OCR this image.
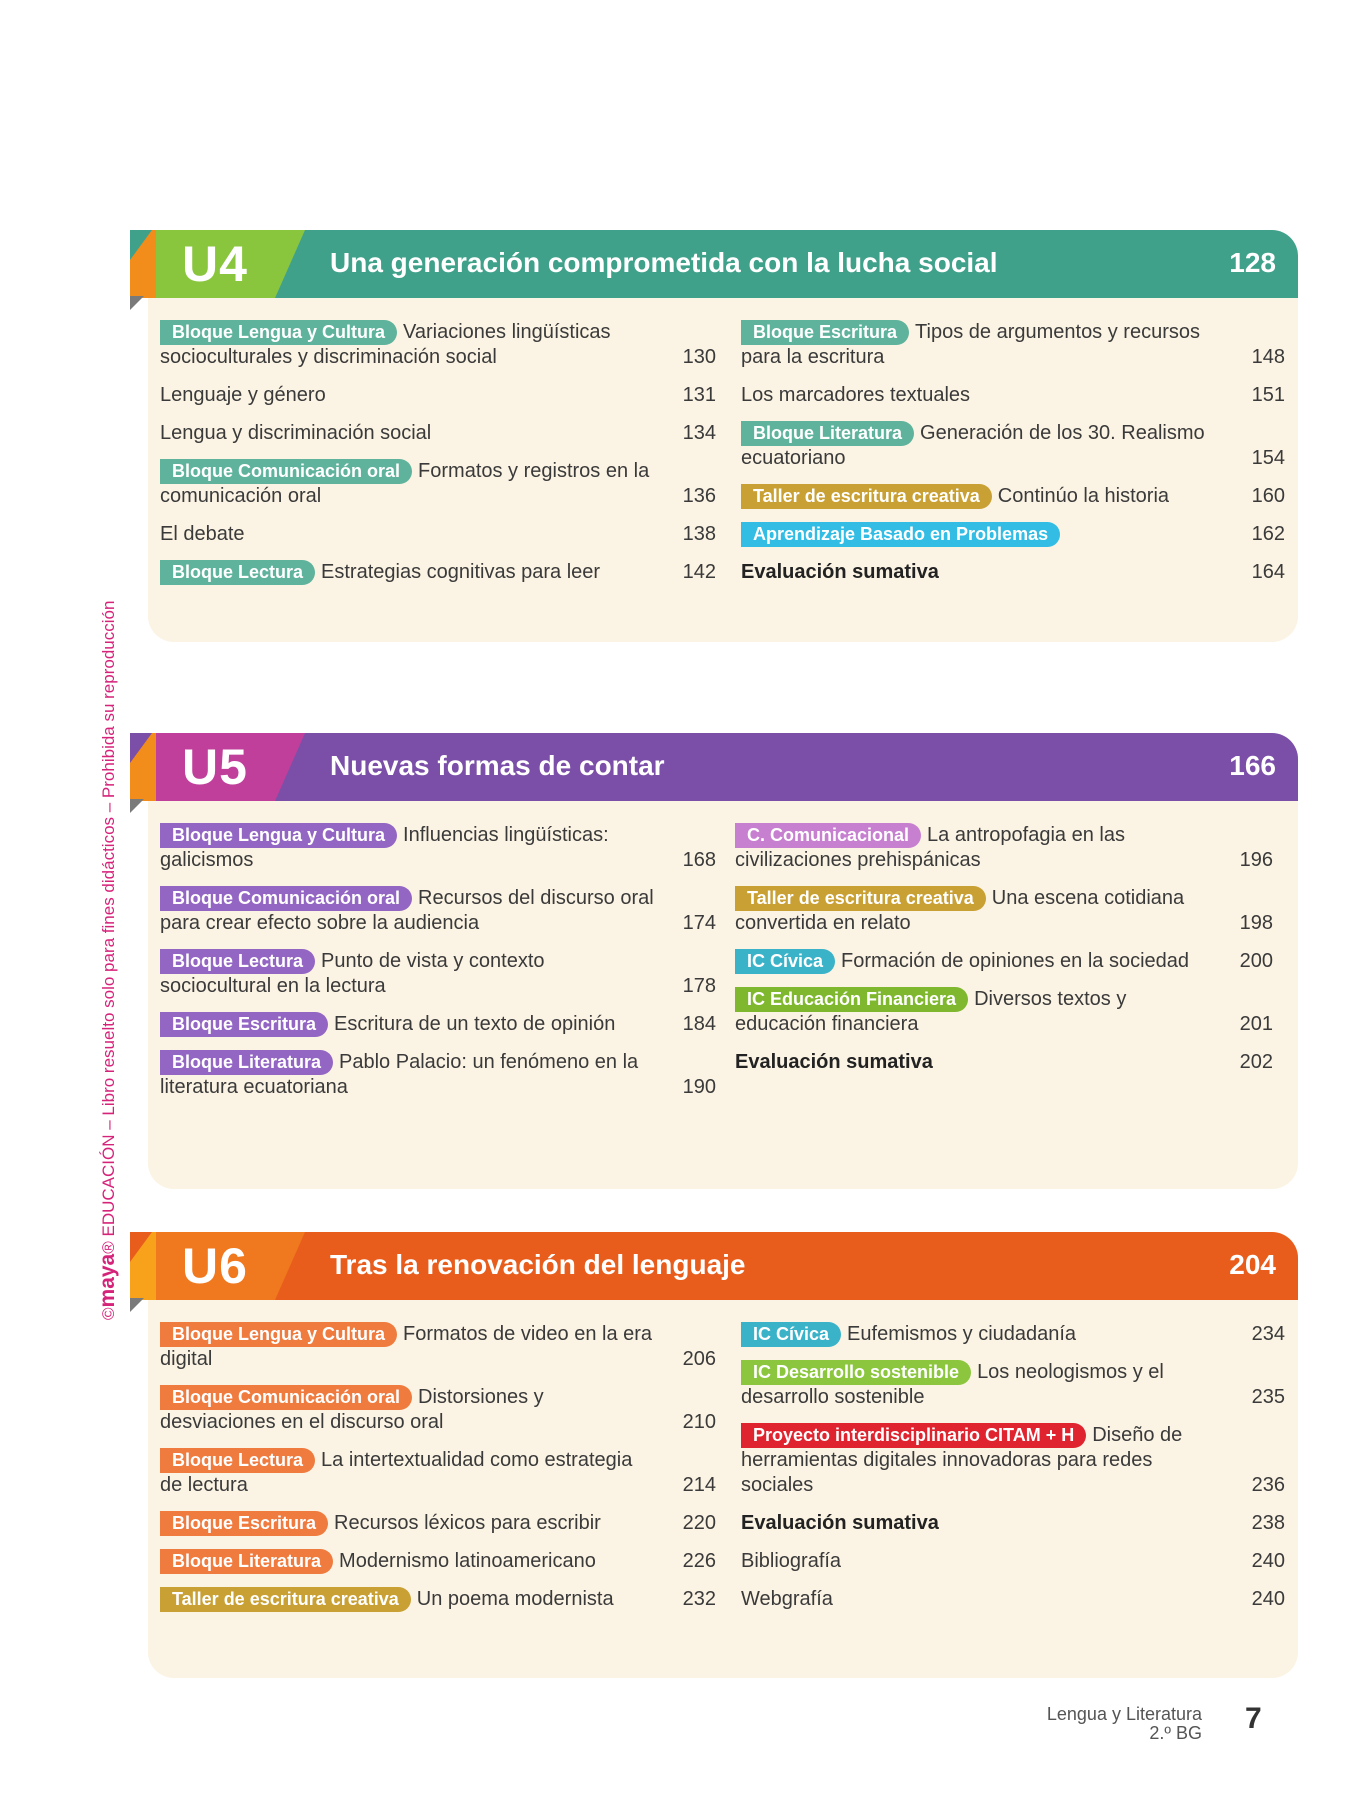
©maya® EDUCACIÓN – Libro resuelto solo para fines didácticos – Prohibida su reproducción
U4	Una generación comprometida con la lucha social	128
Bloque Lengua y Cultura Variaciones lingüísticas socioculturales y discriminación social	130
Lenguaje y género	131
Lengua y discriminación social	134
Bloque Comunicación oral Formatos y registros en la comunicación oral	136
El debate	138
Bloque Lectura Estrategias cognitivas para leer	142
Bloque Escritura Tipos de argumentos y recursos para la escritura	148
Los marcadores textuales	151
Bloque Literatura Generación de los 30. Realismo ecuatoriano	154
Taller de escritura creativa Continúo la historia	160
Aprendizaje Basado en Problemas	162
Evaluación sumativa	164
U5	Nuevas formas de contar	166
Bloque Lengua y Cultura Influencias lingüísticas: galicismos	168
Bloque Comunicación oral Recursos del discurso oral para crear efecto sobre la audiencia	174
Bloque Lectura Punto de vista y contexto sociocultural en la lectura	178
Bloque Escritura Escritura de un texto de opinión	184
Bloque Literatura Pablo Palacio: un fenómeno en la literatura ecuatoriana	190
C. Comunicacional La antropofagia en las civilizaciones prehispánicas	196
Taller de escritura creativa Una escena cotidiana convertida en relato	198
IC Cívica Formación de opiniones en la sociedad	200
IC Educación Financiera Diversos textos y educación financiera	201
Evaluación sumativa	202
U6	Tras la renovación del lenguaje	204
Bloque Lengua y Cultura Formatos de video en la era digital	206
Bloque Comunicación oral Distorsiones y desviaciones en el discurso oral	210
Bloque Lectura La intertextualidad como estrategia de lectura	214
Bloque Escritura Recursos léxicos para escribir	220
Bloque Literatura Modernismo latinoamericano	226
Taller de escritura creativa Un poema modernista	232
IC Cívica Eufemismos y ciudadanía	234
IC Desarrollo sostenible Los neologismos y el desarrollo sostenible	235
Proyecto interdisciplinario CITAM + H Diseño de herramientas digitales innovadoras para redes sociales	236
Evaluación sumativa	238
Bibliografía	240
Webgrafía	240
Lengua y Literatura
2.º BG 7
